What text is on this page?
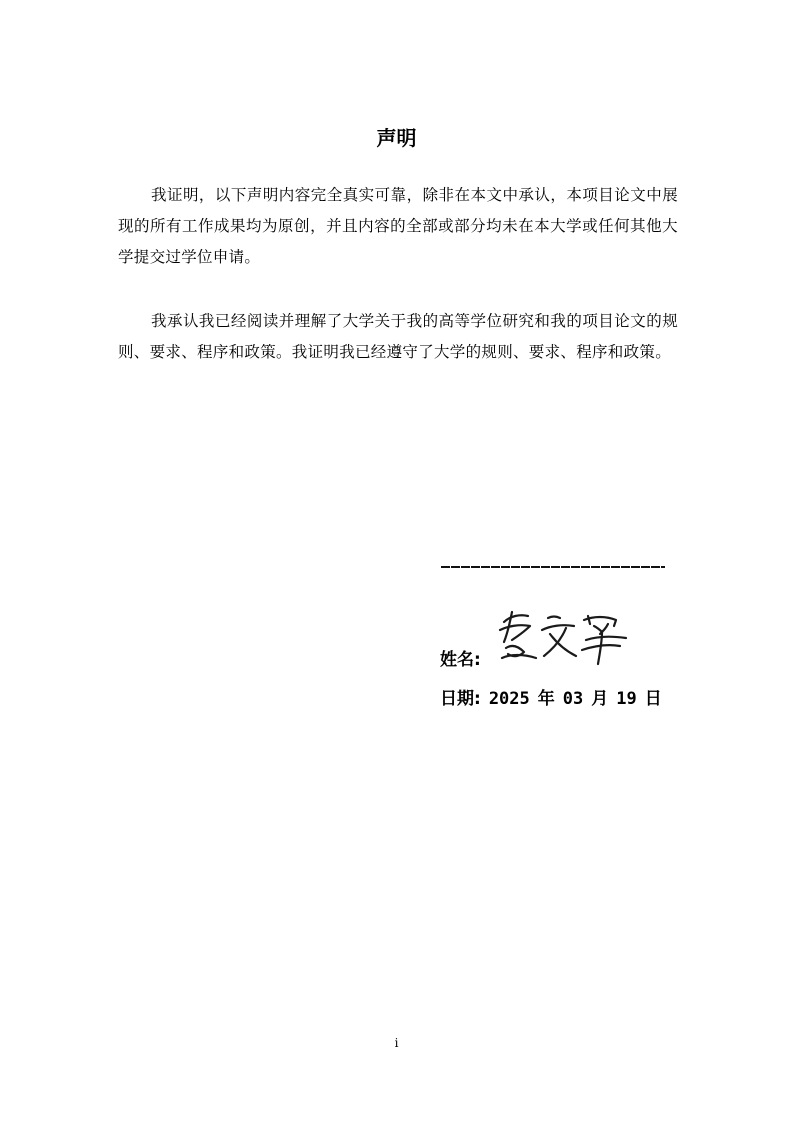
声明

我证明，以下声明内容完全真实可靠，除非在本文中承认，本项目论文中展现的所有工作成果均为原创，并且内容的全部或部分均未在本大学或任何其他大学提交过学位申请。

我承认我已经阅读并理解了大学关于我的高等学位研究和我的项目论文的规则、要求、程序和政策。我证明我已经遵守了大学的规则、要求、程序和政策。

姓名:
日期: 2025 年 03 月 19 日
i
